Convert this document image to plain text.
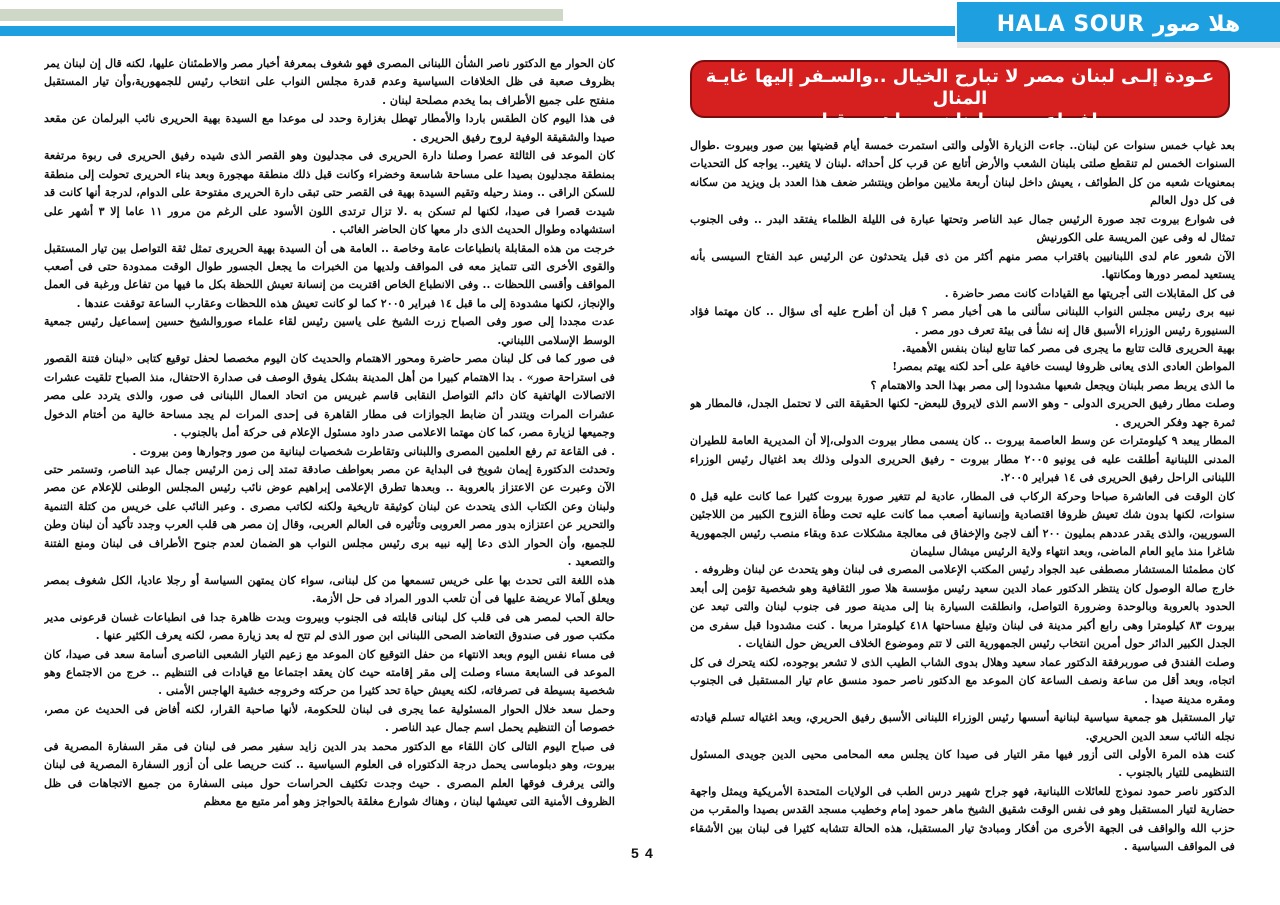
HALA SOUR هلا صور
عـودة إلـى لبنان مصر لا تبارح الخيال ..والسـفر إليها غايـة المنال
ملف اعده من لبنان – مـاهـر مقـلد

بعد غياب خمس سنوات عن لبنان.. جاءت الزيارة الأولى والتى استمرت خمسة أيام قضيتها بين صور وبيروت .طوال السنوات الخمس لم تنقطع صلتى بلبنان الشعب والأرض أتابع عن قرب كل أحداثه .لبنان لا يتغير.. يواجه كل التحديات بمعنويات شعبه من كل الطوائف ، يعيش داخل لبنان أربعة ملايين مواطن وينتشر ضعف هذا العدد بل ويزيد من سكانه فى كل دول العالم

فى شوارع بيروت تجد صورة الرئيس جمال عبد الناصر وتحتها عبارة فى الليلة الظلماء يفتقد البدر .. وفى الجنوب تمثال له وفى عين المريسة على الكورنيش

الآن شعور عام لدى اللبنانيين باقتراب مصر منهم أكثر من ذى قبل يتحدثون عن الرئيس عبد الفتاح السيسى بأنه يستعيد لمصر دورها ومكانتها.

فى كل المقابلات التى أجريتها مع القيادات كانت مصر حاضرة .

نبيه برى رئيس مجلس النواب اللبنانى سألنى ما هى أخبار مصر ؟ قبل أن أطرح عليه أى سؤال .. كان مهتما فؤاد السنيورة رئيس الوزراء الأسبق قال إنه نشأ فى بيئة تعرف دور مصر .

بهية الحريرى قالت تتابع ما يجرى فى مصر كما تتابع لبنان بنفس الأهمية.

المواطن العادى الذى يعانى ظروفا ليست خافية على أحد لكنه يهتم بمصر!

ما الذى يربط مصر بلبنان ويجعل شعبها مشدودا إلى مصر بهذا الحد والاهتمام ؟

وصلت مطار رفيق الحريرى الدولى - وهو الاسم الذى لايروق للبعض- لكنها الحقيقة التى لا تحتمل الجدل، فالمطار هو ثمرة جهد وفكر الحريرى .

المطار يبعد ٩ كيلومترات عن وسط العاصمة بيروت .. كان يسمى مطار بيروت الدولى،إلا أن المديرية العامة للطيران المدنى اللبنانية أطلقت عليه فى يونيو ٢٠٠٥ مطار بيروت - رفيق الحريرى الدولى وذلك بعد اغتيال رئيس الوزراء اللبنانى الراحل رفيق الحريرى فى ١٤ فبراير ٢٠٠٥.

كان الوقت فى العاشرة صباحا وحركة الركاب فى المطار، عادية لم تتغير صورة بيروت كثيرا عما كانت عليه قبل ٥ سنوات، لكنها بدون شك تعيش ظروفا اقتصادية وإنسانية أصعب مما كانت عليه تحت وطأة النزوح الكبير من اللاجئين السوريين، والذى يقدر عددهم بمليون ٢٠٠ ألف لاجئ والإخفاق فى معالجة مشكلات عدة وبقاء منصب رئيس الجمهورية شاغرا منذ مايو العام الماضى، وبعد انتهاء ولاية الرئيس ميشال سليمان

كان مطمئنا المستشار مصطفى عبد الجواد رئيس المكتب الإعلامى المصرى فى لبنان وهو يتحدث عن لبنان وظروفه .

خارج صالة الوصول كان ينتظر الدكتور عماد الدين سعيد رئيس مؤسسة هلا صور الثقافية وهو شخصية تؤمن إلى أبعد الحدود بالعروبة وبالوحدة وضرورة التواصل، وانطلقت السيارة بنا إلى مدينة صور فى جنوب لبنان والتى تبعد عن بيروت ٨٣ كيلومترا وهى رابع أكبر مدينة فى لبنان وتبلغ مساحتها ٤١٨ كيلومترا مربعا . كنت مشدودا قبل سفرى من الجدل الكبير الدائر حول أمرين انتخاب رئيس الجمهورية التى لا تتم وموضوع الخلاف العريض حول النفايات .

وصلت الفندق فى صوربرفقة الدكتور عماد سعيد وهلال بدوى الشاب الطيب الذى لا تشعر بوجوده، لكنه يتحرك فى كل اتجاه، وبعد أقل من ساعة ونصف الساعة كان الموعد مع الدكتور ناصر حمود منسق عام تيار المستقبل فى الجنوب ومقره مدينة صيدا .

تيار المستقبل هو جمعية سياسية لبنانية أسسها رئيس الوزراء اللبنانى الأسبق رفيق الحريري، وبعد اغتياله تسلم قيادته نجله النائب سعد الدين الحريري.

كنت هذه المرة الأولى التى أزور فيها مقر التيار فى صيدا كان يجلس معه المحامى محيى الدين جويدى المسئول التنظيمى للتيار بالجنوب .

الدكتور ناصر حمود نموذج للعائلات اللبنانية، فهو جراح شهير درس الطب فى الولايات المتحدة الأمريكية ويمثل واجهة حضارية لتيار المستقبل وهو فى نفس الوقت شقيق الشيخ ماهر حمود إمام وخطيب مسجد القدس بصيدا والمقرب من حزب الله والواقف فى الجهة الأخرى من أفكار ومبادئ تيار المستقبل، هذه الحالة تتشابه كثيرا فى لبنان بين الأشقاء فى المواقف السياسية .

كان الحوار مع الدكتور ناصر الشأن اللبنانى المصرى فهو شغوف بمعرفة أخبار مصر والاطمئنان عليها، لكنه قال إن لبنان يمر بظروف صعبة فى ظل الخلافات السياسية وعدم قدرة مجلس النواب على انتخاب رئيس للجمهورية،وأن تيار المستقبل منفتح على جميع الأطراف بما يخدم مصلحة لبنان .

فى هذا اليوم كان الطقس باردا والأمطار تهطل بغزارة وحدد لى موعدا مع السيدة بهية الحريرى نائب البرلمان عن مقعد صيدا والشقيقة الوفية لروح رفيق الحريرى .

كان الموعد فى الثالثة عصرا وصلنا دارة الحريرى فى مجدليون وهو القصر الذى شيده رفيق الحريرى فى ربوة مرتفعة بمنطقة مجدليون بصيدا على مساحة شاسعة وخضراء وكانت قبل ذلك منطقة مهجورة وبعد بناء الحريرى تحولت إلى منطقة للسكن الراقى .. ومنذ رحيله وتقيم السيدة بهية فى القصر حتى تبقى دارة الحريرى مفتوحة على الدوام، لدرجة أنها كانت قد شيدت قصرا فى صيدا، لكنها لم تسكن به .لا تزال ترتدى اللون الأسود على الرغم من مرور ١١ عاما إلا ٣ أشهر على استشهاده وطوال الحديث الذى دار معها كان الحاضر الغائب .

خرجت من هذه المقابلة بانطباعات عامة وخاصة .. العامة هى أن السيدة بهية الحريرى تمثل ثقة التواصل بين تيار المستقبل والقوى الأخرى التى تتمايز معه فى المواقف ولديها من الخبرات ما يجعل الجسور طوال الوقت ممدودة حتى فى أصعب المواقف وأقسى اللحظات .. وفى الانطباع الخاص اقتربت من إنسانة تعيش اللحظة بكل ما فيها من تفاعل ورغبة فى العمل والإنجاز، لكنها مشدودة إلى ما قبل ١٤ فبراير ٢٠٠٥ كما لو كانت تعيش هذه اللحظات وعقارب الساعة توقفت عندها .

عدت مجددا إلى صور وفى الصباح زرت الشيخ على ياسين رئيس لقاء علماء صوروالشيخ حسين إسماعيل رئيس جمعية الوسط الإسلامى اللبناني.

فى صور كما فى كل لبنان مصر حاضرة ومحور الاهتمام والحديث كان اليوم مخصصا لحفل توقيع كتابى «لبنان فتنة القصور فى استراحة صور» . بدا الاهتمام كبيرا من أهل المدينة بشكل يفوق الوصف فى صدارة الاحتفال، منذ الصباح تلقيت عشرات الاتصالات الهاتفية كان دائم التواصل النقابى قاسم غبريس من اتحاد العمال اللبنانى فى صور، والذى يتردد على مصر عشرات المرات ويتندر أن ضابط الجوازات فى مطار القاهرة فى إحدى المرات لم يجد مساحة خالية من أختام الدخول وجميعها لزيارة مصر، كما كان مهتما الاعلامى صدر داود مسئول الإعلام فى حركة أمل بالجنوب .

. فى القاعة تم رفع العلمين المصرى واللبنانى وتقاطرت شخصيات لبنانية من صور وجوارها ومن بيروت .

وتحدثت الدكتورة إيمان شويخ فى البداية عن مصر بعواطف صادقة تمتد إلى زمن الرئيس جمال عبد الناصر، وتستمر حتى الآن وعبرت عن الاعتزاز بالعروبة .. وبعدها تطرق الإعلامى إبراهيم عوض نائب رئيس المجلس الوطنى للإعلام عن مصر ولبنان وعن الكتاب الذى يتحدث عن لبنان كوثيقة تاريخية ولكنه لكاتب مصرى . وعبر النائب على خريس من كتلة التنمية والتحرير عن اعتزازه بدور مصر العروبى وتأثيره فى العالم العربى، وقال إن مصر هى قلب العرب وجدد تأكيد أن لبنان وطن للجميع، وأن الحوار الذى دعا إليه نبيه برى رئيس مجلس النواب هو الضمان لعدم جنوح الأطراف فى لبنان ومنع الفتنة والتصعيد .

هذه اللغة التى تحدث بها على خريس تسمعها من كل لبنانى، سواء كان يمتهن السياسة أو رجلا عاديا، الكل شغوف بمصر ويعلق آمالا عريضة عليها فى أن تلعب الدور المراد فى حل الأزمة.

حالة الحب لمصر هى فى قلب كل لبنانى قابلته فى الجنوب وبيروت وبدت ظاهرة جدا فى انطباعات غسان قرعونى مدير مكتب صور فى صندوق التعاضد الصحى اللبنانى ابن صور الذى لم تتح له بعد زيارة مصر، لكنه يعرف الكثير عنها .

فى مساء نفس اليوم وبعد الانتهاء من حفل التوقيع كان الموعد مع زعيم التيار الشعبى الناصرى أسامة سعد فى صيدا، كان الموعد فى السابعة مساء وصلت إلى مقر إقامته حيث كان يعقد اجتماعا مع قيادات فى التنظيم .. خرج من الاجتماع وهو شخصية بسيطة فى تصرفاته، لكنه يعيش حياة تحد كثيرا من حركته وخروجه خشية الهاجس الأمنى .

وحمل سعد خلال الحوار المسئولية عما يجرى فى لبنان للحكومة، لأنها صاحبة القرار، لكنه أفاض فى الحديث عن مصر، خصوصا أن التنظيم يحمل اسم جمال عبد الناصر .

فى صباح اليوم التالى كان اللقاء مع الدكتور محمد بدر الدين زايد سفير مصر فى لبنان فى مقر السفارة المصرية فى بيروت، وهو دبلوماسى يحمل درجة الدكتوراه فى العلوم السياسية .. كنت حريصا على أن أزور السفارة المصرية فى لبنان والتى يرفرف فوقها العلم المصرى . حيث وجدت تكثيف الحراسات حول مبنى السفارة من جميع الاتجاهات فى ظل الظروف الأمنية التى تعيشها لبنان ، وهناك شوارع مغلقة بالحواجز وهو أمر متبع مع معظم

5 4
